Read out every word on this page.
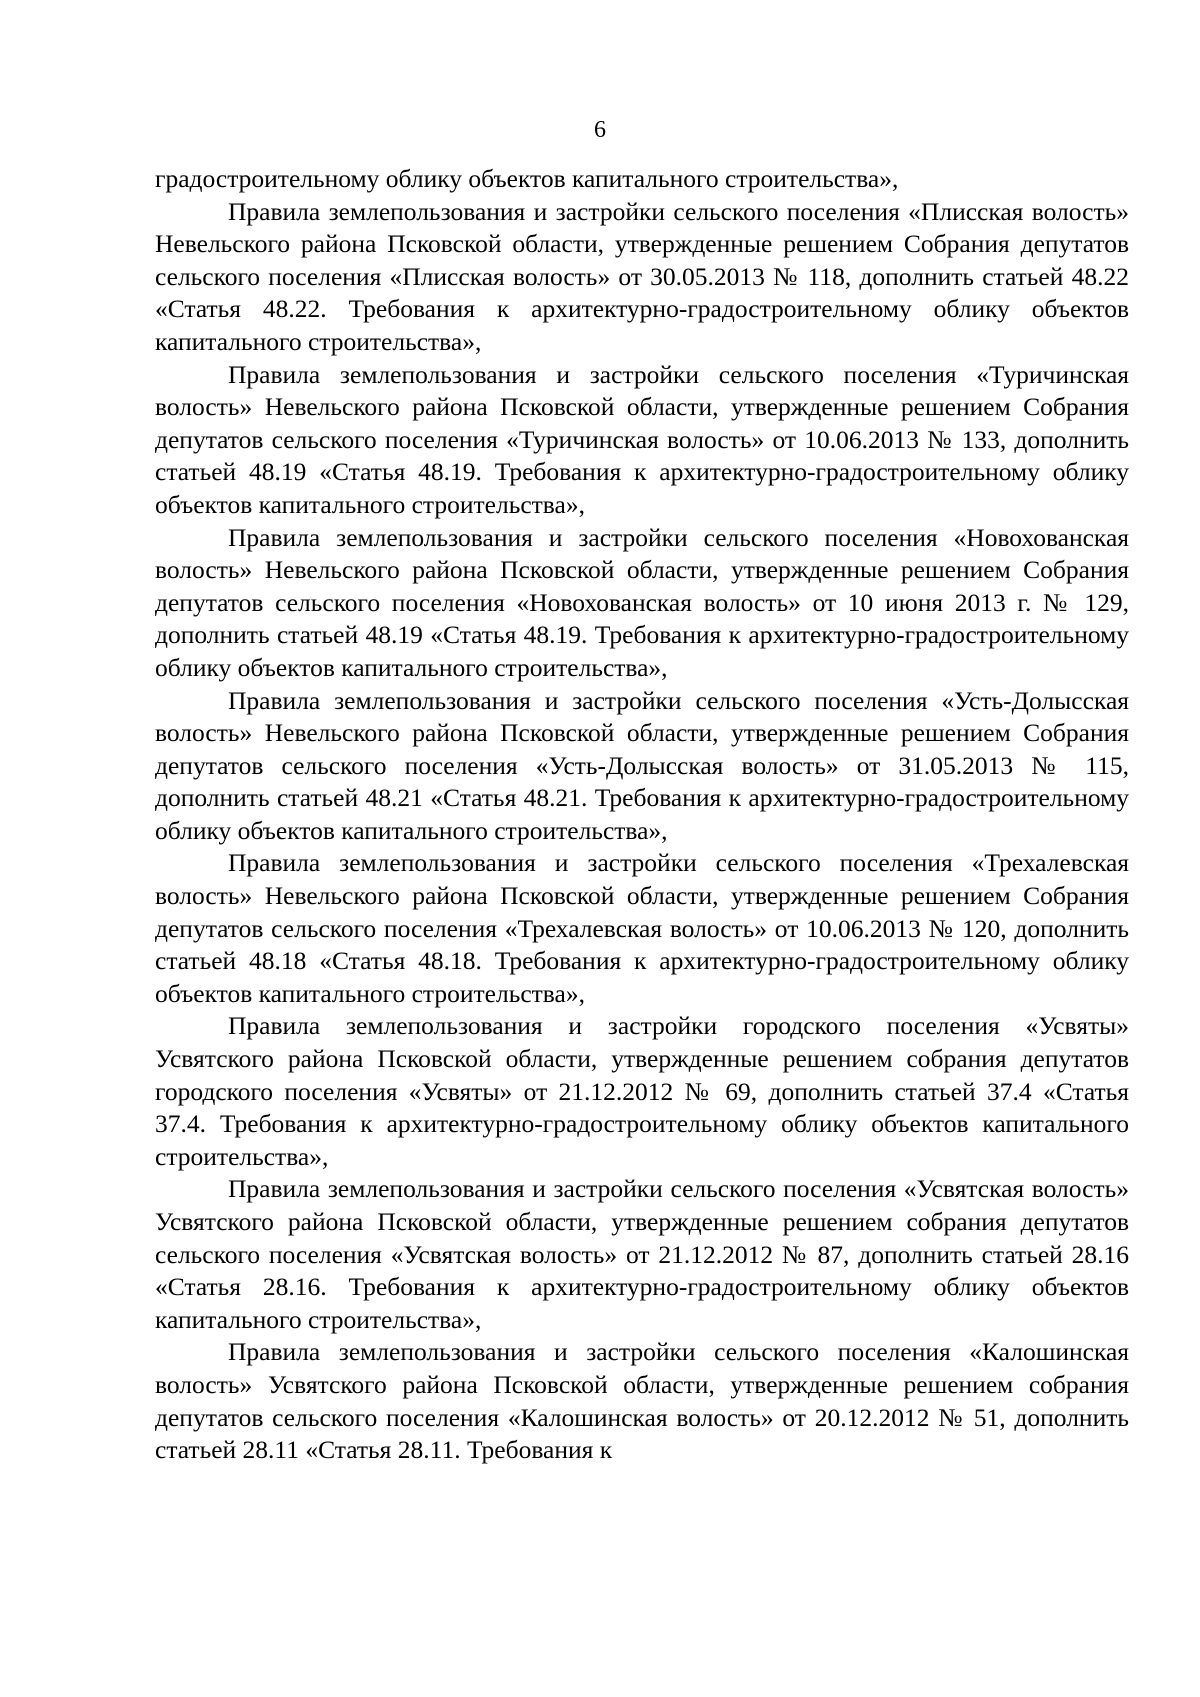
6

градостроительному облику объектов капитального строительства»,

Правила землепользования и застройки сельского поселения «Плисская волость» Невельского района Псковской области, утвержденные решением Собрания депутатов сельского поселения «Плисская волость» от 30.05.2013 № 118, дополнить статьей 48.22 «Статья 48.22. Требования к архитектурно-градостроительному облику объектов капитального строительства»,

Правила землепользования и застройки сельского поселения «Туричинская волость» Невельского района Псковской области, утвержденные решением Собрания депутатов сельского поселения «Туричинская волость» от 10.06.2013 № 133, дополнить статьей 48.19 «Статья 48.19. Требования к архитектурно-градостроительному облику объектов капитального строительства»,

Правила землепользования и застройки сельского поселения «Новохованская волость» Невельского района Псковской области, утвержденные решением Собрания депутатов сельского поселения «Новохованская волость» от 10 июня 2013 г. № 129, дополнить статьей 48.19 «Статья 48.19. Требования к архитектурно-градостроительному облику объектов капитального строительства»,

Правила землепользования и застройки сельского поселения «Усть-Долысская волость» Невельского района Псковской области, утвержденные решением Собрания депутатов сельского поселения «Усть-Долысская волость» от 31.05.2013 № 115, дополнить статьей 48.21 «Статья 48.21. Требования к архитектурно-градостроительному облику объектов капитального строительства»,

Правила землепользования и застройки сельского поселения «Трехалевская волость» Невельского района Псковской области, утвержденные решением Собрания депутатов сельского поселения «Трехалевская волость» от 10.06.2013 № 120, дополнить статьей 48.18 «Статья 48.18. Требования к архитектурно-градостроительному облику объектов капитального строительства»,

Правила землепользования и застройки городского поселения «Усвяты» Усвятского района Псковской области, утвержденные решением собрания депутатов городского поселения «Усвяты» от 21.12.2012 № 69, дополнить статьей 37.4 «Статья 37.4. Требования к архитектурно-градостроительному облику объектов капитального строительства»,

Правила землепользования и застройки сельского поселения «Усвятская волость» Усвятского района Псковской области, утвержденные решением собрания депутатов сельского поселения «Усвятская волость» от 21.12.2012 № 87, дополнить статьей 28.16 «Статья 28.16. Требования к архитектурно-градостроительному облику объектов капитального строительства»,

Правила землепользования и застройки сельского поселения «Калошинская волость» Усвятского района Псковской области, утвержденные решением собрания депутатов сельского поселения «Калошинская волость» от 20.12.2012 № 51, дополнить статьей 28.11 «Статья 28.11. Требования к
